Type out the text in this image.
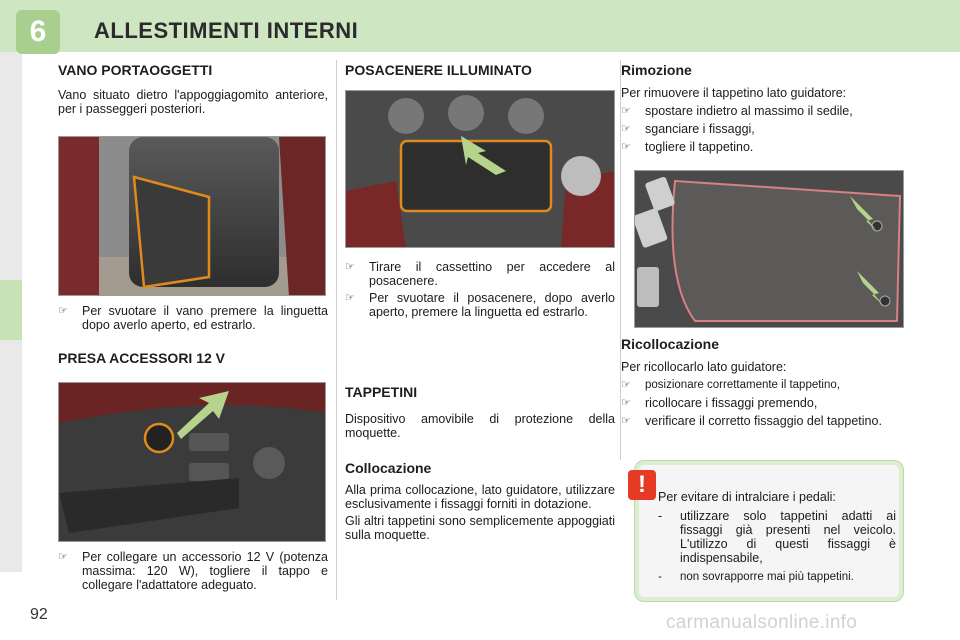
6	ALLESTIMENTI INTERNI
VANO PORTAOGGETTI
Vano situato dietro l'appoggiagomito anteriore, per i passeggeri posteriori.
☞	Per svuotare il vano premere la linguetta dopo averlo aperto, ed estrarlo.
PRESA ACCESSORI 12 V
☞	Per collegare un accessorio 12 V (potenza massima: 120 W), togliere il tappo e collegare l'adattatore adeguato.
POSACENERE ILLUMINATO
☞	Tirare il cassettino per accedere al posacenere.
☞	Per svuotare il posacenere, dopo averlo aperto, premere la linguetta ed estrarlo.
TAPPETINI
Dispositivo amovibile di protezione della moquette.
Collocazione
Alla prima collocazione, lato guidatore, utilizzare esclusivamente i fissaggi forniti in dotazione.
Gli altri tappetini sono semplicemente appoggiati sulla moquette.
Rimozione
Per rimuovere il tappetino lato guidatore:
☞	spostare indietro al massimo il sedile,
☞	sganciare i fissaggi,
☞	togliere il tappetino.
Ricollocazione
Per ricollocarlo lato guidatore:
☞	posizionare correttamente il tappetino,
☞	ricollocare i fissaggi premendo,
☞	verificare il corretto fissaggio del tappetino.
! Per evitare di intralciare i pedali:
-	utilizzare solo tappetini adatti ai fissaggi già presenti nel veicolo. L'utilizzo di questi fissaggi è indispensabile,
-	non sovrapporre mai più tappetini.
92	carmanualsonline.info
